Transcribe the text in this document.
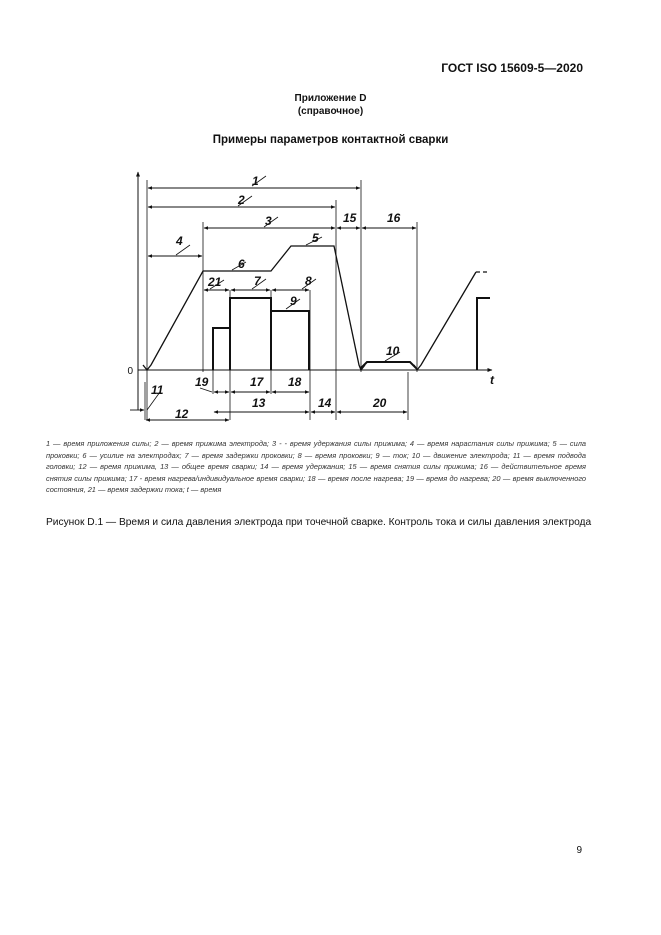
ГОСТ ISO 15609-5—2020
Приложение D
(справочное)
Примеры параметров контактной сварки
0
t
1
2
3
4	5
6
7	8
9
10
11
12
13	14
15	16
17 18
19
20
21
1 — время приложения силы; 2 — время прижима электрода; 3 - - время удержания силы прижима; 4 — время нарастания силы прижима; 5 — сила проковки; 6 — усилие на электродах; 7 — время задержки проковки; 8 — время проковки; 9 — ток; 10 — движение электрода; 11 — время подвода головки; 12 — время прижима, 13 — общее время сварки; 14 — время удержания; 15 — время снятия силы прижима; 16 — действительное время снятия силы прижима; 17 - время нагрева/индивидуальное время сварки; 18 — время после нагрева; 19 — время до нагрева; 20 — время выключенного состояния, 21 — время задержки тока; t — время
Рисунок D.1 — Время и сила давления электрода при точечной сварке. Контроль тока и силы давления электрода
9
